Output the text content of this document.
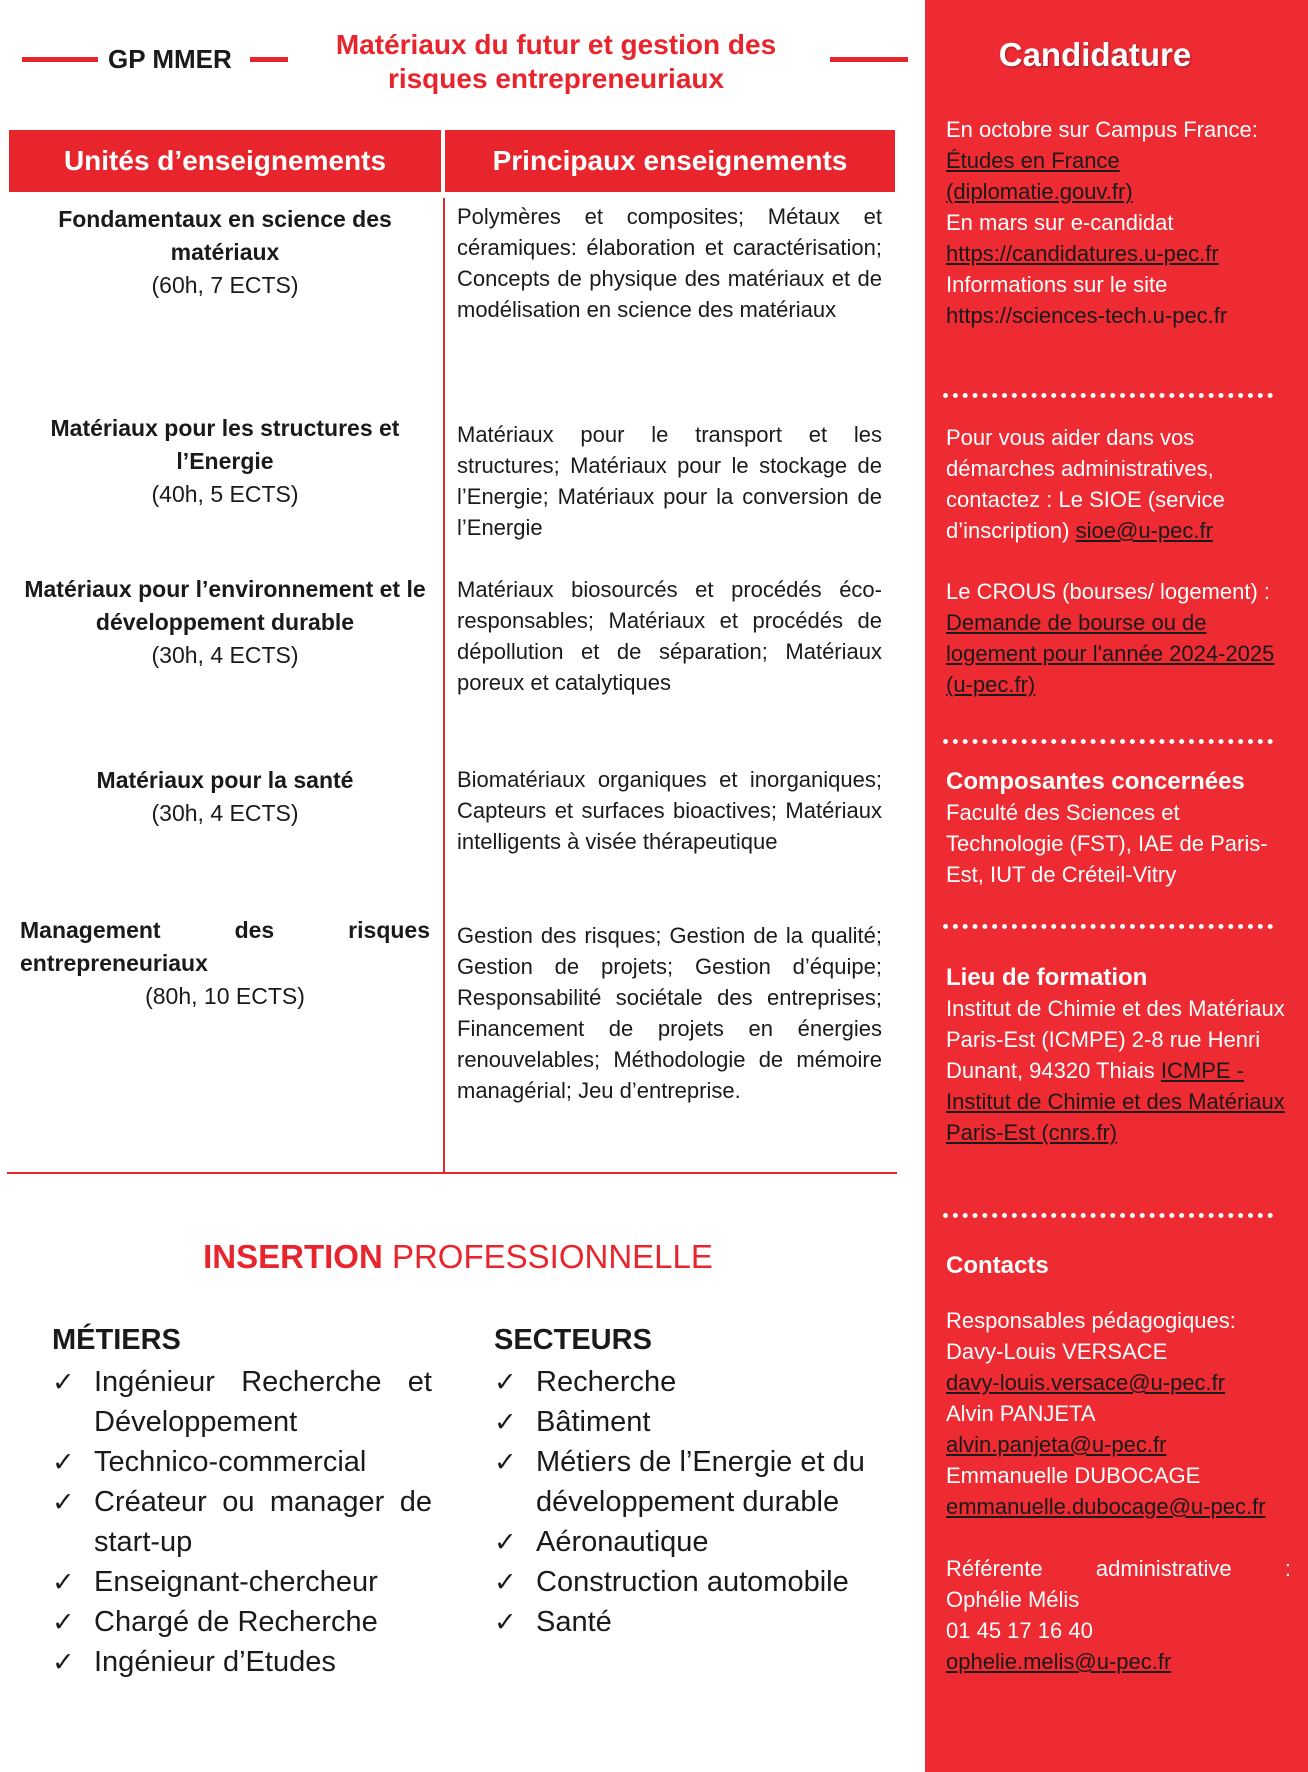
GP MMER	Matériaux du futur et gestion des risques entrepreneuriaux
Unités d’enseignements	Principaux enseignements
Fondamentaux en science des matériaux
(60h, 7 ECTS)
Polymères et composites; Métaux et céramiques: élaboration et caractérisation; Concepts de physique des matériaux et de modélisation en science des matériaux
Matériaux pour les structures et l’Energie
(40h, 5 ECTS)
Matériaux pour le transport et les structures; Matériaux pour le stockage de l’Energie; Matériaux pour la conversion de l’Energie
Matériaux pour l’environnement et le développement durable
(30h, 4 ECTS)
Matériaux biosourcés et procédés éco-responsables; Matériaux et procédés de dépollution et de séparation; Matériaux poreux et catalytiques
Matériaux pour la santé
(30h, 4 ECTS)
Biomatériaux organiques et inorganiques; Capteurs et surfaces bioactives; Matériaux intelligents à visée thérapeutique
Management des risques entrepreneuriaux
(80h, 10 ECTS)
Gestion des risques; Gestion de la qualité; Gestion de projets; Gestion d’équipe; Responsabilité sociétale des entreprises; Financement de projets en énergies renouvelables; Méthodologie de mémoire managérial; Jeu d’entreprise.
INSERTION PROFESSIONNELLE
MÉTIERS
✓ Ingénieur Recherche et Développement
✓ Technico-commercial
✓ Créateur ou manager de start-up
✓ Enseignant-chercheur
✓ Chargé de Recherche
✓ Ingénieur d’Etudes
SECTEURS
✓ Recherche
✓ Bâtiment
✓ Métiers de l’Energie et du développement durable
✓ Aéronautique
✓ Construction automobile
✓ Santé
Candidature
En octobre sur Campus France:
Études en France (diplomatie.gouv.fr)
En mars sur e-candidat
https://candidatures.u-pec.fr
Informations sur le site
https://sciences-tech.u-pec.fr
Pour vous aider dans vos démarches administratives, contactez : Le SIOE (service d’inscription) sioe@u-pec.fr
Le CROUS (bourses/ logement) : Demande de bourse ou de logement pour l'année 2024-2025 (u-pec.fr)
Composantes concernées
Faculté des Sciences et Technologie (FST), IAE de Paris-Est, IUT de Créteil-Vitry
Lieu de formation
Institut de Chimie et des Matériaux Paris-Est (ICMPE) 2-8 rue Henri Dunant, 94320 Thiais ICMPE - Institut de Chimie et des Matériaux Paris-Est (cnrs.fr)
Contacts
Responsables pédagogiques:
Davy-Louis VERSACE
davy-louis.versace@u-pec.fr
Alvin PANJETA
alvin.panjeta@u-pec.fr
Emmanuelle DUBOCAGE
emmanuelle.dubocage@u-pec.fr
Référente administrative :
Ophélie Mélis
01 45 17 16 40
ophelie.melis@u-pec.fr
